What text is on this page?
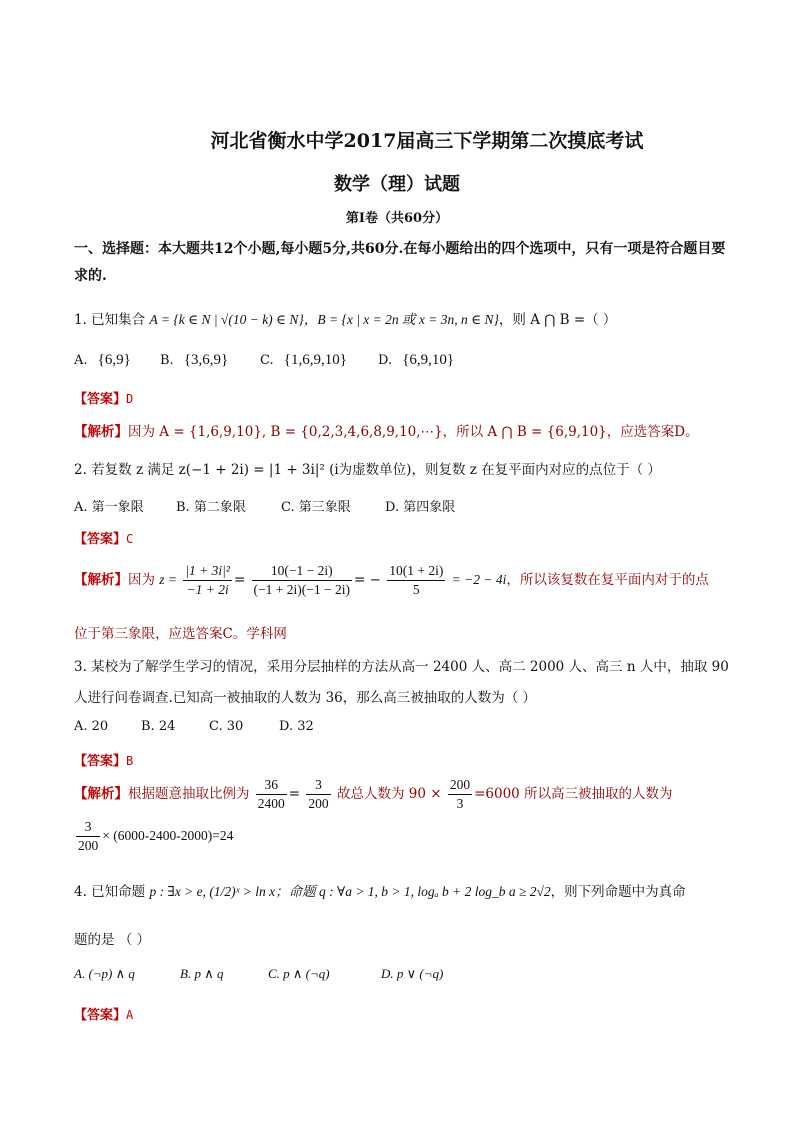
河北省衡水中学2017届高三下学期第二次摸底考试
数学（理）试题
第Ⅰ卷（共60分）
一、选择题：本大题共12个小题,每小题5分,共60分.在每小题给出的四个选项中，只有一项是符合题目要求的.
1. 已知集合 A = {k ∈ N | √(10 − k) ∈ N}，B = {x | x = 2n 或 x = 3n, n ∈ N}，则 A ⋂ B =（ ）
A. {6,9} B. {3,6,9} C. {1,6,9,10} D. {6,9,10}
【答案】D
【解析】因为 A = {1,6,9,10}, B = {0,2,3,4,6,8,9,10,⋯}，所以 A ⋂ B = {6,9,10}，应选答案D。
2. 若复数 z 满足 z(−1 + 2i) = |1 + 3i|² (i为虚数单位)，则复数 z 在复平面内对应的点位于（ ）
A. 第一象限 B. 第二象限	C. 第三象限	D. 第四象限
【答案】C
【解析】因为 $z = \frac{\text{|1 + 3i|²}}{-1 + 2i} = \frac{10(-1 - 2i)}{(-1 + 2i)(-1 - 2i)}$ = − $\frac{10(1 + 2i)}{5} = -2 - 4i$，所以该复数在复平面内对于的点
位于第三象限，应选答案C。学科网
3. 某校为了解学生学习的情况，采用分层抽样的方法从高一 2400 人、高二 2000 人、高三 n 人中，抽取 90
人进行问卷调查.已知高一被抽取的人数为 36，那么高三被抽取的人数为（ ）
A. 20	B. 24	C. 30	D. 32
【答案】B
【解析】根据题意抽取比例为 $\frac{36}{2400} = \frac{3}{200}$ 故总人数为 $90 \times \frac{200}{3} =6000$ 所以高三被抽取的人数为
$\frac{3}{200} \times (6000-2400-2000)=24$
4. 已知命题 p : ∃x > e, (1/2)ˣ > ln x；命题 q : ∀a > 1, b > 1, logₐ b + 2 log_b a ≥ 2√2，则下列命题中为真命
题的是 （ ）
A. (¬p) ∧ q	B. p ∧ q	C. p ∧ (¬q)	D. p ∨ (¬q)
【答案】A
